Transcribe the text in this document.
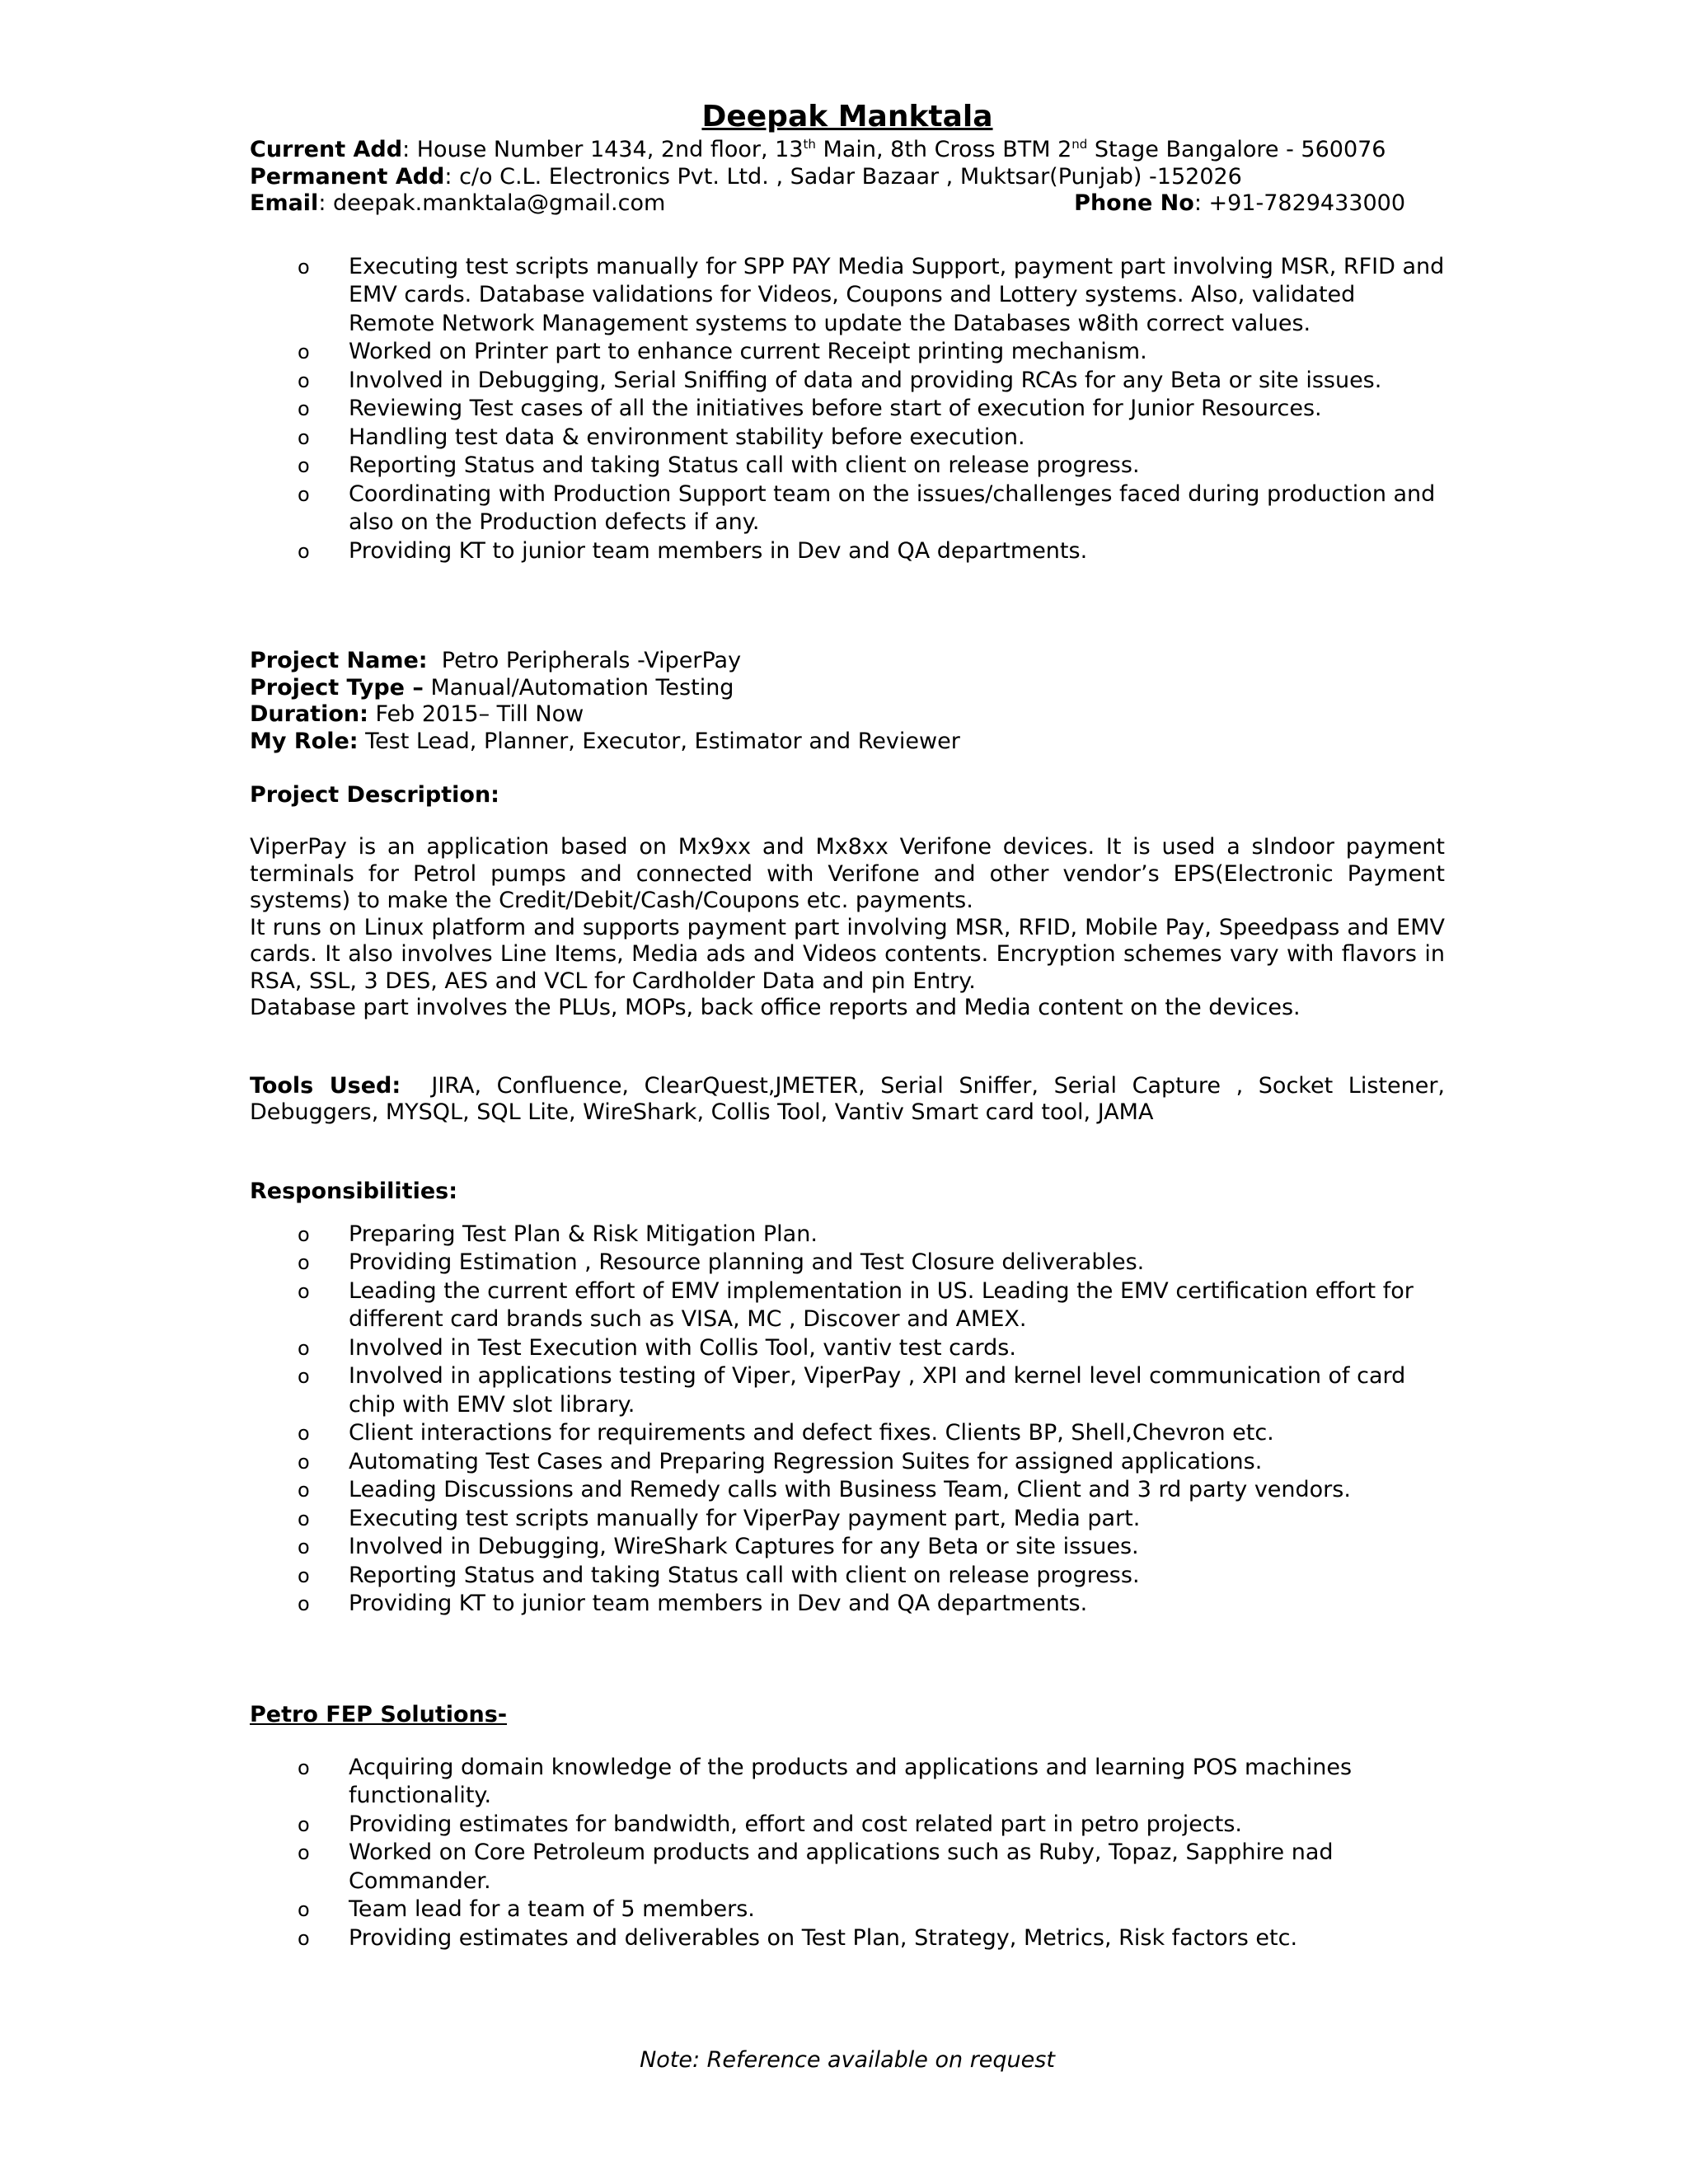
Deepak Manktala
Current Add: House Number 1434, 2nd floor, 13th Main, 8th Cross BTM 2nd Stage Bangalore - 560076
Permanent Add: c/o C.L. Electronics Pvt. Ltd. , Sadar Bazaar , Muktsar(Punjab) -152026
Email: deepak.manktala@gmail.com	Phone No: +91-7829433000
o Executing test scripts manually for SPP PAY Media Support, payment part involving MSR, RFID and EMV cards. Database validations for Videos, Coupons and Lottery systems. Also, validated Remote Network Management systems to update the Databases w8ith correct values.
o Worked on Printer part to enhance current Receipt printing mechanism.
o Involved in Debugging, Serial Sniffing of data and providing RCAs for any Beta or site issues.
o Reviewing Test cases of all the initiatives before start of execution for Junior Resources.
o Handling test data & environment stability before execution.
o Reporting Status and taking Status call with client on release progress.
o Coordinating with Production Support team on the issues/challenges faced during production and also on the Production defects if any.
o Providing KT to junior team members in Dev and QA departments.
Project Name:  Petro Peripherals -ViperPay
Project Type – Manual/Automation Testing
Duration: Feb 2015– Till Now
My Role: Test Lead, Planner, Executor, Estimator and Reviewer
Project Description:
ViperPay is an application based on Mx9xx and Mx8xx Verifone devices. It is used a sIndoor payment terminals for Petrol pumps and connected with Verifone and other vendor’s EPS(Electronic Payment systems) to make the Credit/Debit/Cash/Coupons etc. payments.
It runs on Linux platform and supports payment part involving MSR, RFID, Mobile Pay, Speedpass and EMV cards. It also involves Line Items, Media ads and Videos contents. Encryption schemes vary with flavors in RSA, SSL, 3 DES, AES and VCL for Cardholder Data and pin Entry.
Database part involves the PLUs, MOPs, back office reports and Media content on the devices.
Tools Used:  JIRA, Confluence, ClearQuest,JMETER, Serial Sniffer, Serial Capture , Socket Listener, Debuggers, MYSQL, SQL Lite, WireShark, Collis Tool, Vantiv Smart card tool, JAMA
Responsibilities:
o Preparing Test Plan & Risk Mitigation Plan.
o Providing Estimation , Resource planning and Test Closure deliverables.
o Leading the current effort of EMV implementation in US. Leading the EMV certification effort for different card brands such as VISA, MC , Discover and AMEX.
o Involved in Test Execution with Collis Tool, vantiv test cards.
o Involved in applications testing of Viper, ViperPay , XPI and kernel level communication of card chip with EMV slot library.
o Client interactions for requirements and defect fixes. Clients BP, Shell,Chevron etc.
o Automating Test Cases and Preparing Regression Suites for assigned applications.
o Leading Discussions and Remedy calls with Business Team, Client and 3 rd party vendors.
o Executing test scripts manually for ViperPay payment part, Media part.
o Involved in Debugging, WireShark Captures for any Beta or site issues.
o Reporting Status and taking Status call with client on release progress.
o Providing KT to junior team members in Dev and QA departments.
Petro FEP Solutions-
o Acquiring domain knowledge of the products and applications and learning POS machines functionality.
o Providing estimates for bandwidth, effort and cost related part in petro projects.
o Worked on Core Petroleum products and applications such as Ruby, Topaz, Sapphire nad Commander.
o Team lead for a team of 5 members.
o Providing estimates and deliverables on Test Plan, Strategy, Metrics, Risk factors etc.
Note: Reference available on request
